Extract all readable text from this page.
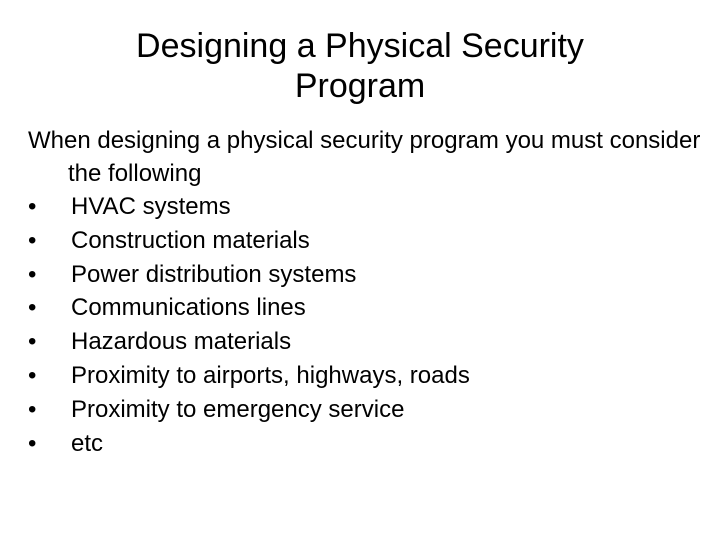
Designing a Physical Security
Program

When designing a physical security program you must consider the following

•	HVAC systems
•	Construction materials
•	Power distribution systems
•	Communications lines
•	Hazardous materials
•	Proximity to airports, highways, roads
•	Proximity to emergency service
•	etc
